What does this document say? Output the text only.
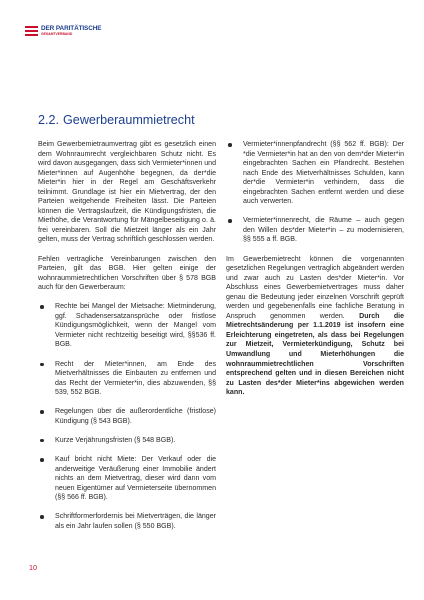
DER PARITÄTISCHE
GESAMTVERBAND
2.2. Gewerberaummietrecht

Beim Gewerbemietraumvertrag gibt es gesetzlich einen dem Wohnraumrecht vergleichbaren Schutz nicht. Es wird davon ausgegangen, dass sich Vermieter*innen und Mieter*innen auf Augenhöhe begegnen, da der*die Mieter*in hier in der Regel am Geschäftsverkehr teilnimmt. Grundlage ist hier ein Mietvertrag, der den Parteien weitgehende Freiheiten lässt. Die Parteien können die Vertragslaufzeit, die Kündigungsfristen, die Miethöhe, die Verantwortung für Mängelbeseitigung o. ä. frei vereinbaren. Soll die Mietzeit länger als ein Jahr gelten, muss der Vertrag schriftlich geschlossen werden.

Fehlen vertragliche Vereinbarungen zwischen den Parteien, gilt das BGB. Hier gelten einige der wohnraummietrechtlichen Vorschriften über § 578 BGB auch für den Gewerberaum:

Rechte bei Mangel der Mietsache: Mietminderung, ggf. Schadensersatzansprüche oder fristlose Kündigungsmöglichkeit, wenn der Mangel vom Vermieter nicht rechtzeitig beseitigt wird, §§536 ff. BGB.
Recht der Mieter*innen, am Ende des Mietverhältnisses die Einbauten zu entfernen und das Recht der Vermieter*in, dies abzuwenden, §§ 539, 552 BGB.
Regelungen über die außerordentliche (fristlose) Kündigung (§ 543 BGB).
Kurze Verjährungsfristen (§ 548 BGB).
Kauf bricht nicht Miete: Der Verkauf oder die anderweitige Veräußerung einer Immobilie ändert nichts an dem Mietvertrag, dieser wird dann vom neuen Eigentümer auf Vermieterseite übernommen (§§ 566 ff. BGB).
Schriftformerfordernis bei Mietverträgen, die länger als ein Jahr laufen sollen (§ 550 BGB).
Vermieter*innenpfandrecht (§§ 562 ff. BGB): Der *die Vermieter*in hat an den von dem*der Mieter*in eingebrachten Sachen ein Pfandrecht. Bestehen nach Ende des Mietverhältnisses Schulden, kann der*die Vermieter*in verhindern, dass die eingebrachten Sachen entfernt werden und diese auch verwerten.
Vermieter*innenrecht, die Räume – auch gegen den Willen des*der Mieter*in – zu modernisieren, §§ 555 a ff. BGB.

Im Gewerbemietrecht können die vorgenannten gesetzlichen Regelungen vertraglich abgeändert werden und zwar auch zu Lasten des*der Mieter*in. Vor Abschluss eines Gewerbemietvertrages muss daher genau die Bedeutung jeder einzelnen Vorschrift geprüft werden und gegebenenfalls eine fachliche Beratung in Anspruch genommen werden. Durch die Mietrechtsänderung per 1.1.2019 ist insofern eine Erleichterung eingetreten, als dass bei Regelungen zur Mietzeit, Vermieterkündigung, Schutz bei Umwandlung und Mieterhöhungen die wohnraummietrechtlichen Vorschriften entsprechend gelten und in diesen Bereichen nicht zu Lasten des*der Mieter*ins abgewichen werden kann.

10
